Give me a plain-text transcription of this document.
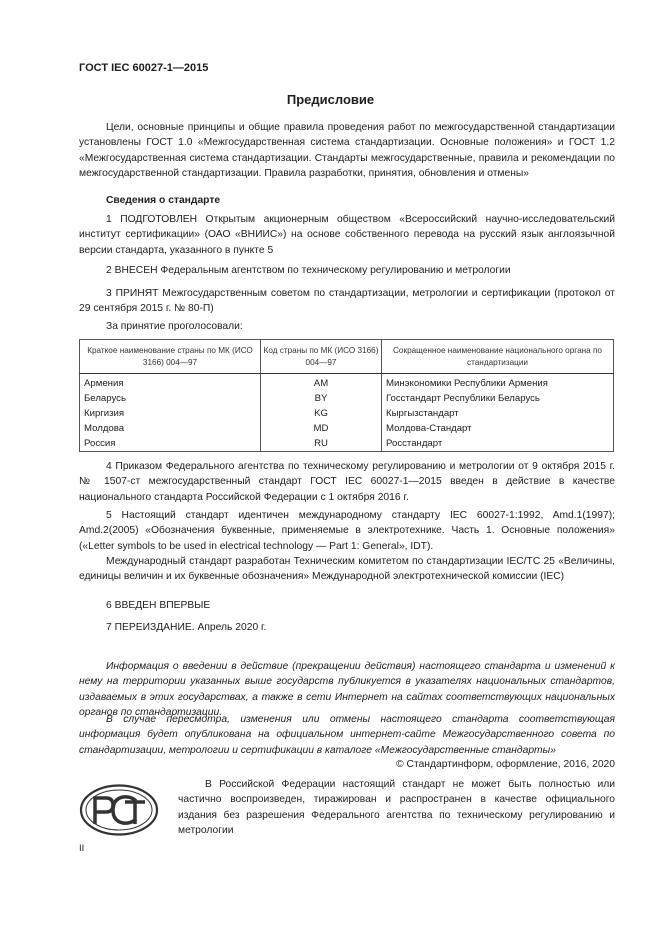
ГОСТ IEC 60027-1—2015
Предисловие

Цели, основные принципы и общие правила проведения работ по межгосударственной стандартизации установлены ГОСТ 1.0 «Межгосударственная система стандартизации. Основные положения» и ГОСТ 1.2 «Межгосударственная система стандартизации. Стандарты межгосударственные, правила и рекомендации по межгосударственной стандартизации. Правила разработки, принятия, обновления и отмены»

Сведения о стандарте

1 ПОДГОТОВЛЕН Открытым акционерным обществом «Всероссийский научно-исследовательский институт сертификации» (ОАО «ВНИИС») на основе собственного перевода на русский язык англоязычной версии стандарта, указанного в пункте 5

2 ВНЕСЕН Федеральным агентством по техническому регулированию и метрологии

3 ПРИНЯТ Межгосударственным советом по стандартизации, метрологии и сертификации (протокол от 29 сентября 2015 г. № 80-П)

За принятие проголосовали:

Краткое наименование страны по МК (ИСО 3166) 004—97	Код страны по МК (ИСО 3166) 004—97	Сокращенное наименование национального органа по стандартизации
Армения	AM	Минэкономики Республики Армения
Беларусь	BY	Госстандарт Республики Беларусь
Киргизия	KG	Кыргызстандарт
Молдова	MD	Молдова-Стандарт
Россия	RU	Росстандарт

4 Приказом Федерального агентства по техническому регулированию и метрологии от 9 октября 2015 г. № 1507-ст межгосударственный стандарт ГОСТ IEC 60027-1—2015 введен в действие в качестве национального стандарта Российской Федерации с 1 октября 2016 г.

5 Настоящий стандарт идентичен международному стандарту IEC 60027-1:1992, Amd.1(1997); Amd.2(2005) «Обозначения буквенные, применяемые в электротехнике. Часть 1. Основные положения» («Letter symbols to be used in electrical technology — Part 1: General», IDT).

Международный стандарт разработан Техническим комитетом по стандартизации IEC/TC 25 «Величины, единицы величин и их буквенные обозначения» Международной электротехнической комиссии (IEC)

6 ВВЕДЕН ВПЕРВЫЕ

7 ПЕРЕИЗДАНИЕ. Апрель 2020 г.

Информация о введении в действие (прекращении действия) настоящего стандарта и изменений к нему на территории указанных выше государств публикуется в указателях национальных стандартов, издаваемых в этих государствах, а также в сети Интернет на сайтах соответствующих национальных органов по стандартизации.

В случае пересмотра, изменения или отмены настоящего стандарта соответствующая информация будет опубликована на официальном интернет-сайте Межгосударственного совета по стандартизации, метрологии и сертификации в каталоге «Межгосударственные стандарты»

© Стандартинформ, оформление, 2016, 2020

В Российской Федерации настоящий стандарт не может быть полностью или частично воспроизведен, тиражирован и распространен в качестве официального издания без разрешения Федерального агентства по техническому регулированию и метрологии

II
